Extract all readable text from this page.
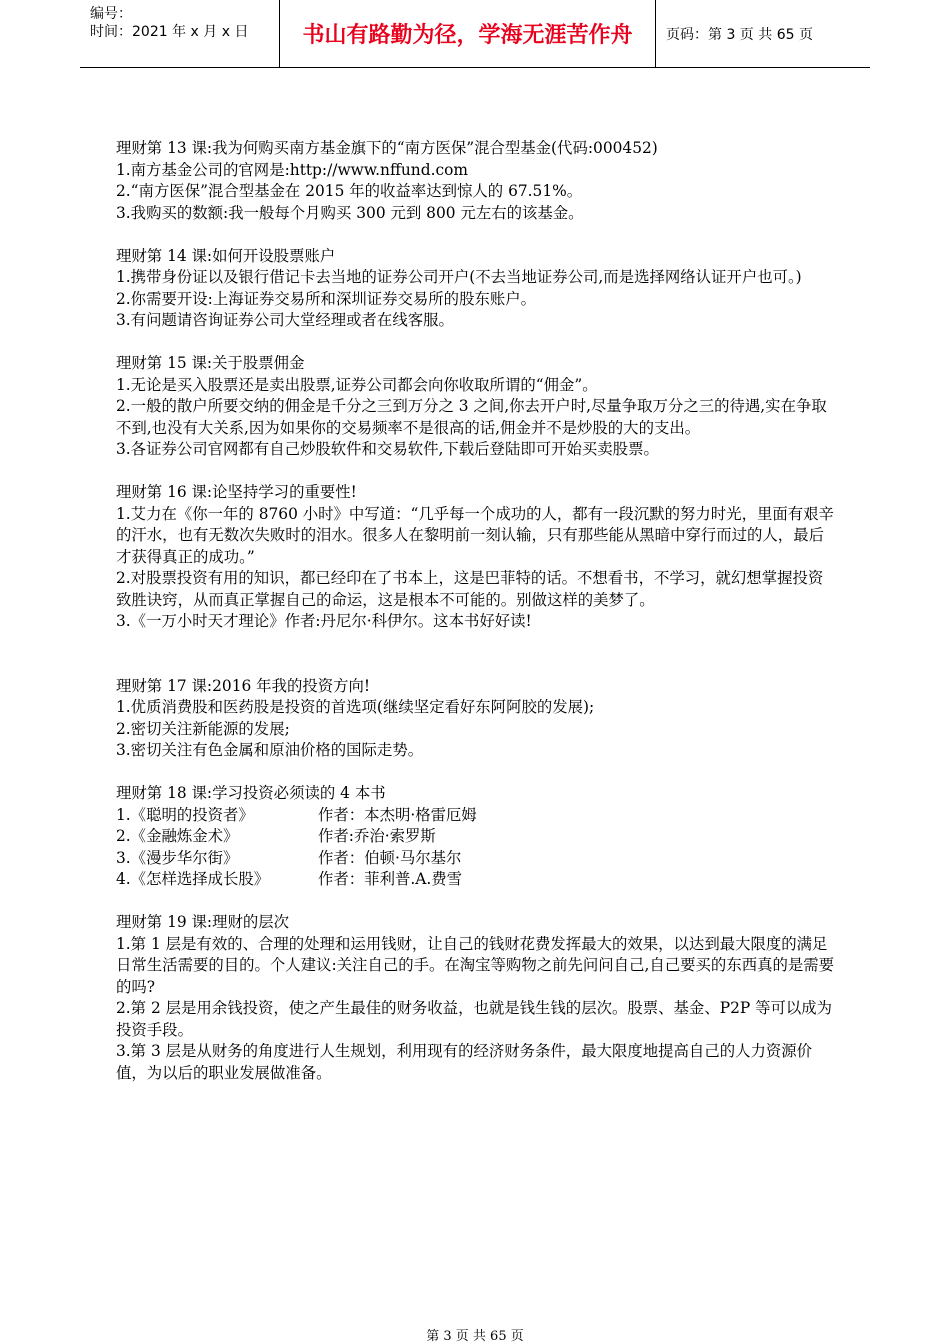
编号：
时间：2021 年 x 月 x 日	书山有路勤为径，学海无涯苦作舟	页码：第 3 页 共 65 页
理财第 13 课:我为何购买南方基金旗下的“南方医保”混合型基金(代码:000452)
1.南方基金公司的官网是:http://www.nffund.com
2.“南方医保”混合型基金在 2015 年的收益率达到惊人的 67.51%。
3.我购买的数额:我一般每个月购买 300 元到 800 元左右的该基金。
理财第 14 课:如何开设股票账户
1.携带身份证以及银行借记卡去当地的证券公司开户(不去当地证券公司,而是选择网络认证开户也可。)
2.你需要开设:上海证券交易所和深圳证券交易所的股东账户。
3.有问题请咨询证券公司大堂经理或者在线客服。
理财第 15 课:关于股票佣金
1.无论是买入股票还是卖出股票,证券公司都会向你收取所谓的“佣金”。
2.一般的散户所要交纳的佣金是千分之三到万分之 3 之间,你去开户时,尽量争取万分之三的待遇,实在争取不到,也没有大关系,因为如果你的交易频率不是很高的话,佣金并不是炒股的大的支出。
3.各证券公司官网都有自己炒股软件和交易软件,下载后登陆即可开始买卖股票。
理财第 16 课:论坚持学习的重要性!
1.艾力在《你一年的 8760 小时》中写道：“几乎每一个成功的人，都有一段沉默的努力时光，里面有艰辛的汗水，也有无数次失败时的泪水。很多人在黎明前一刻认输，只有那些能从黑暗中穿行而过的人，最后才获得真正的成功。”
2.对股票投资有用的知识，都已经印在了书本上，这是巴菲特的话。不想看书，不学习，就幻想掌握投资致胜诀窍，从而真正掌握自己的命运，这是根本不可能的。别做这样的美梦了。
3.《一万小时天才理论》作者:丹尼尔·科伊尔。这本书好好读!
理财第 17 课:2016 年我的投资方向!
1.优质消费股和医药股是投资的首选项(继续坚定看好东阿阿胶的发展);
2.密切关注新能源的发展;
3.密切关注有色金属和原油价格的国际走势。
理财第 18 课:学习投资必须读的 4 本书
1.《聪明的投资者》	作者：本杰明·格雷厄姆
2.《金融炼金术》	作者:乔治·索罗斯
3.《漫步华尔街》	作者：伯顿·马尔基尔
4.《怎样选择成长股》	作者：菲利普.A.费雪
理财第 19 课:理财的层次
1.第 1 层是有效的、合理的处理和运用钱财，让自己的钱财花费发挥最大的效果，以达到最大限度的满足日常生活需要的目的。个人建议:关注自己的手。在淘宝等购物之前先问问自己,自己要买的东西真的是需要的吗?
2.第 2 层是用余钱投资，使之产生最佳的财务收益，也就是钱生钱的层次。股票、基金、P2P 等可以成为投资手段。
3.第 3 层是从财务的角度进行人生规划，利用现有的经济财务条件，最大限度地提高自己的人力资源价值，为以后的职业发展做准备。
第 3 页 共 65 页
